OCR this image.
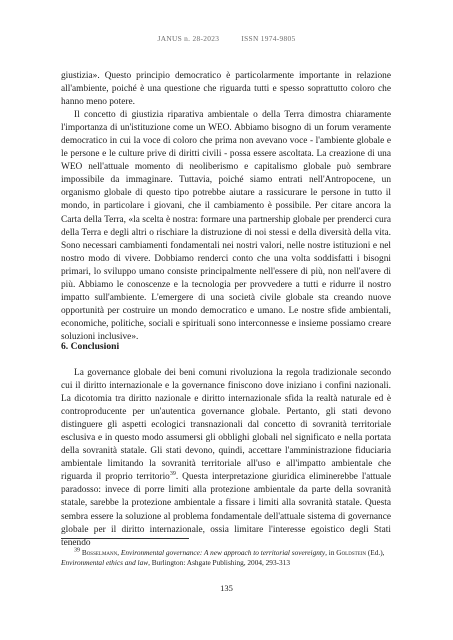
JANUS n. 28-2023	ISSN 1974-9805

giustizia». Questo principio democratico è particolarmente importante in relazione all'ambiente, poiché è una questione che riguarda tutti e spesso soprattutto coloro che hanno meno potere.

Il concetto di giustizia riparativa ambientale o della Terra dimostra chiaramente l'importanza di un'istituzione come un WEO. Abbiamo bisogno di un forum veramente democratico in cui la voce di coloro che prima non avevano voce - l'ambiente globale e le persone e le culture prive di diritti civili - possa essere ascoltata. La creazione di una WEO nell'attuale momento di neoliberismo e capitalismo globale può sembrare impossibile da immaginare. Tuttavia, poiché siamo entrati nell'Antropocene, un organismo globale di questo tipo potrebbe aiutare a rassicurare le persone in tutto il mondo, in particolare i giovani, che il cambiamento è possibile. Per citare ancora la Carta della Terra, «la scelta è nostra: formare una partnership globale per prenderci cura della Terra e degli altri o rischiare la distruzione di noi stessi e della diversità della vita. Sono necessari cambiamenti fondamentali nei nostri valori, nelle nostre istituzioni e nel nostro modo di vivere. Dobbiamo renderci conto che una volta soddisfatti i bisogni primari, lo sviluppo umano consiste principalmente nell'essere di più, non nell'avere di più. Abbiamo le conoscenze e la tecnologia per provvedere a tutti e ridurre il nostro impatto sull'ambiente. L'emergere di una società civile globale sta creando nuove opportunità per costruire un mondo democratico e umano. Le nostre sfide ambientali, economiche, politiche, sociali e spirituali sono interconnesse e insieme possiamo creare soluzioni inclusive».

6. Conclusioni

La governance globale dei beni comuni rivoluziona la regola tradizionale secondo cui il diritto internazionale e la governance finiscono dove iniziano i confini nazionali. La dicotomia tra diritto nazionale e diritto internazionale sfida la realtà naturale ed è controproducente per un'autentica governance globale. Pertanto, gli stati devono distinguere gli aspetti ecologici transnazionali dal concetto di sovranità territoriale esclusiva e in questo modo assumersi gli obblighi globali nel significato e nella portata della sovranità statale. Gli stati devono, quindi, accettare l'amministrazione fiduciaria ambientale limitando la sovranità territoriale all'uso e all'impatto ambientale che riguarda il proprio territorio$^{39}$. Questa interpretazione giuridica eliminerebbe l'attuale paradosso: invece di porre limiti alla protezione ambientale da parte della sovranità statale, sarebbe la protezione ambientale a fissare i limiti alla sovranità statale. Questa sembra essere la soluzione al problema fondamentale dell'attuale sistema di governance globale per il diritto internazionale, ossia limitare l'interesse egoistico degli Stati tenendo

$^{39}$ Bosselmann, Environmental governance: A new approach to territorial sovereignty, in Goldstein (Ed.), Environmental ethics and law, Burlington: Ashgate Publishing, 2004, 293-313
135
